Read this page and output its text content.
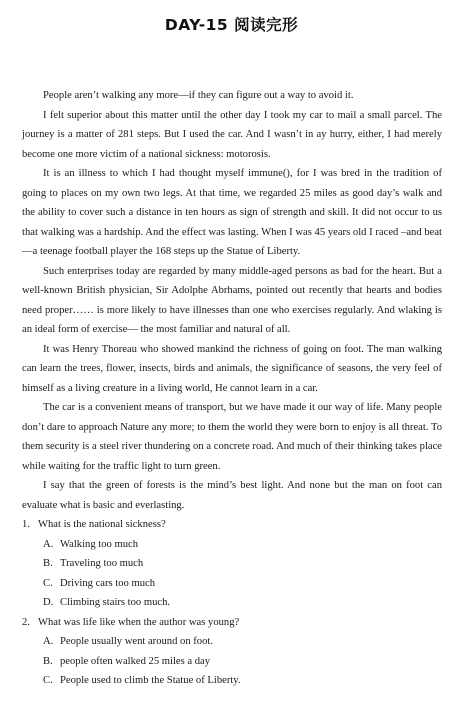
DAY-15 阅读完形

People aren’t walking any more—if they can figure out a way to avoid it.

I felt superior about this matter until the other day I took my car to mail a small parcel. The journey is a matter of 281 steps. But I used the car. And I wasn’t in ay hurry, either, I had merely become one more victim of a national sickness: motorosis.

It is an illness to which I had thought myself immune(), for I was bred in the tradition of going to places on my own two legs. At that time, we regarded 25 miles as good day’s walk and the ability to cover such a distance in ten hours as sign of strength and skill. It did not occur to us that walking was a hardship. And the effect was lasting. When I was 45 years old I raced –and beat—a teenage football player the 168 steps up the Statue of Liberty.

Such enterprises today are regarded by many middle-aged persons as bad for the heart. But a well-known British physician, Sir Adolphe Abrhams, pointed out recently that hearts and bodies need proper…… is more likely to have illnesses than one who exercises regularly. And wlaking is an ideal form of exercise— the most familiar and natural of all.

It was Henry Thoreau who showed mankind the richness of going on foot. The man walking can learn the trees, flower, insects, birds and animals, the significance of seasons, the very feel of himself as a living creature in a living world, He cannot learn in a car.

The car is a convenient means of transport, but we have made it our way of life. Many people don’t dare to approach Nature any more; to them the world they were born to enjoy is all threat. To them security is a steel river thundering on a concrete road. And much of their thinking takes place while waiting for the traffic light to turn green.

I say that the green of forests is the mind’s best light. And none but the man on foot can evaluate what is basic and everlasting.

1. What is the national sickness?

A. Walking too much

B. Traveling too much

C. Driving cars too much

D. Climbing stairs too much.

2. What was life like when the author was young?

A. People usually went around on foot.

B. people often walked 25 miles a day

C. People used to climb the Statue of Liberty.
